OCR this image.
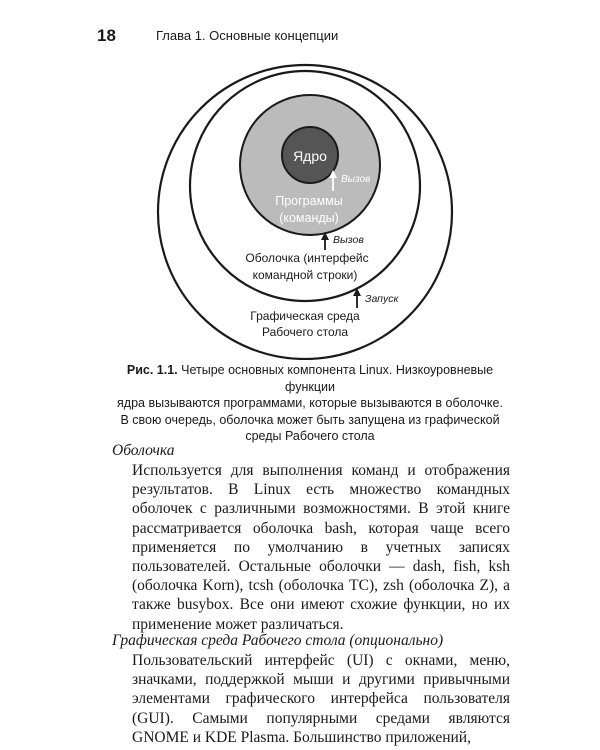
18	Глава 1. Основные концепции
Ядро
Программы
(команды)
Вызов
Вызов
Оболочка (интерфейс
командной строки)
Запуск
Графическая среда
Рабочего стола
Рис. 1.1. Четыре основных компонента Linux. Низкоуровневые функции
ядра вызываются программами, которые вызываются в оболочке.
В свою очередь, оболочка может быть запущена из графической
среды Рабочего стола
Оболочка

Используется для выполнения команд и отображения результатов. В Linux есть множество командных оболочек с различными возможностями. В этой книге рассматривается оболочка bash, которая чаще всего применяется по умолчанию в учетных записях пользователей. Остальные оболочки — dash, fish, ksh (оболочка Korn), tcsh (оболочка TC), zsh (оболочка Z), а также busybox. Все они имеют схожие функции, но их применение может различаться.

Графическая среда Рабочего стола (опционально)

Пользовательский интерфейс (UI) с окнами, меню, значками, поддержкой мыши и другими привычными элементами графического интерфейса пользователя (GUI). Самыми популярными средами являются GNOME и KDE Plasma. Большинство приложений,
